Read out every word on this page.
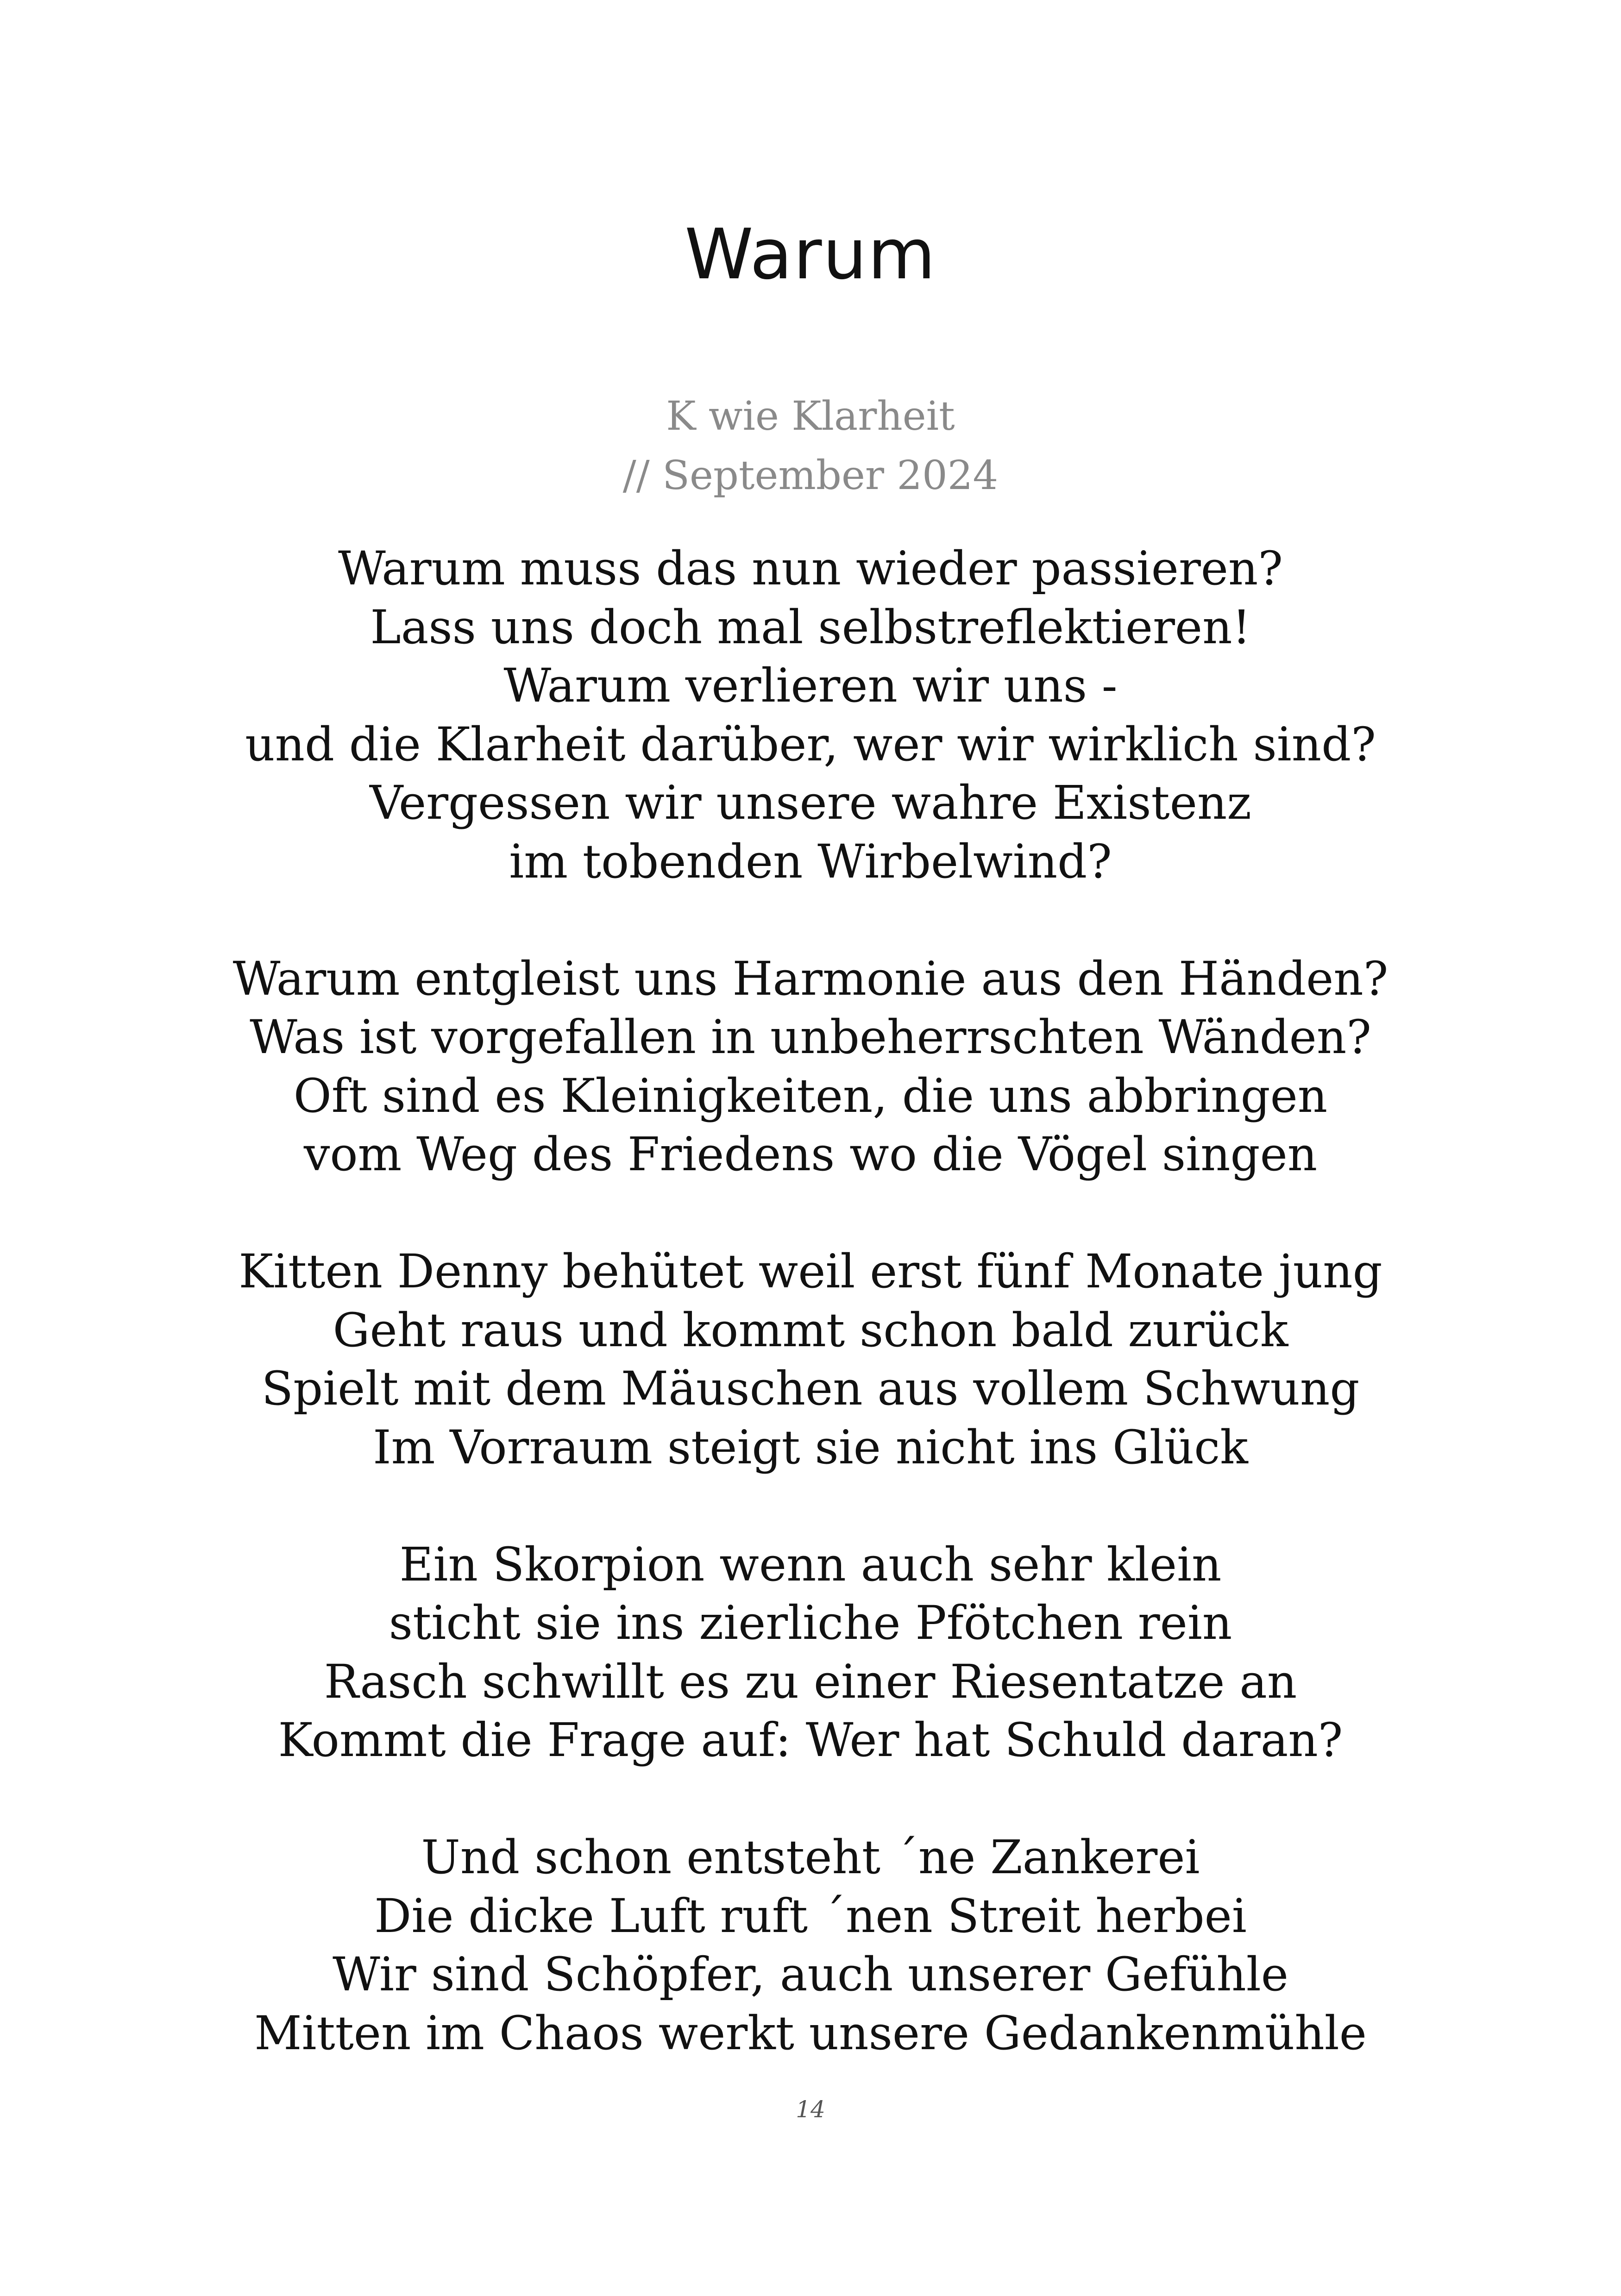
Warum
K wie Klarheit
// September 2024
Warum muss das nun wieder passieren?
Lass uns doch mal selbstreflektieren!
Warum verlieren wir uns -
und die Klarheit darüber, wer wir wirklich sind?
Vergessen wir unsere wahre Existenz
im tobenden Wirbelwind?
Warum entgleist uns Harmonie aus den Händen?
Was ist vorgefallen in unbeherrschten Wänden?
Oft sind es Kleinigkeiten, die uns abbringen
vom Weg des Friedens wo die Vögel singen
Kitten Denny behütet weil erst fünf Monate jung
Geht raus und kommt schon bald zurück
Spielt mit dem Mäuschen aus vollem Schwung
Im Vorraum steigt sie nicht ins Glück
Ein Skorpion wenn auch sehr klein
sticht sie ins zierliche Pfötchen rein
Rasch schwillt es zu einer Riesentatze an
Kommt die Frage auf: Wer hat Schuld daran?
Und schon entsteht ´ne Zankerei
Die dicke Luft ruft ´nen Streit herbei
Wir sind Schöpfer, auch unserer Gefühle
Mitten im Chaos werkt unsere Gedankenmühle
14
